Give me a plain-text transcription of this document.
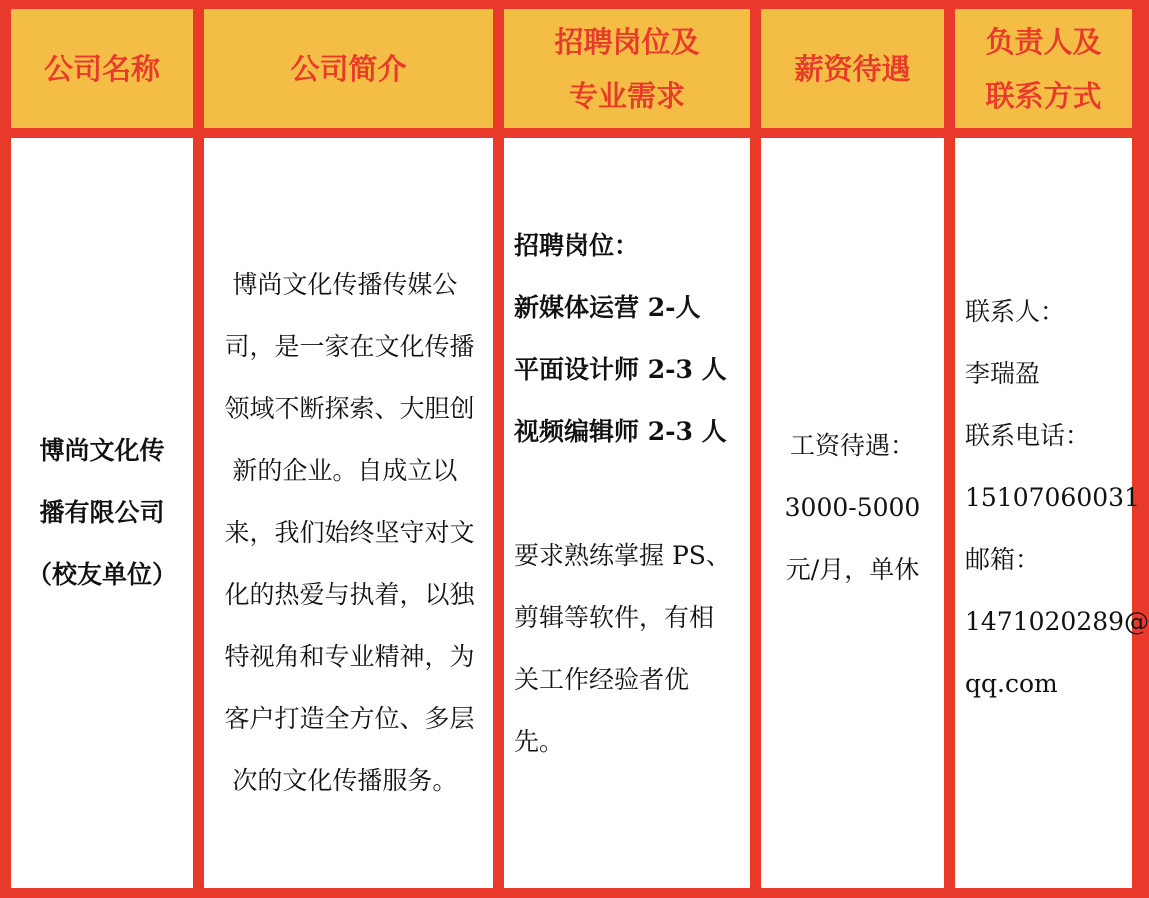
公司名称	公司简介
招聘岗位及
专业需求
薪资待遇
负责人及
联系方式
博尚文化传
播有限公司
（校友单位）
博尚文化传播传媒公
司，是一家在文化传播
领域不断探索、大胆创
新的企业。自成立以
来，我们始终坚守对文
化的热爱与执着，以独
特视角和专业精神，为
客户打造全方位、多层
次的文化传播服务。
招聘岗位：
新媒体运营 2-人
平面设计师 2-3 人
视频编辑师 2-3 人
要求熟练掌握 PS、
剪辑等软件，有相
关工作经验者优
先。
工资待遇：
3000-5000
元/月，单休
联系人：
李瑞盈
联系电话：
15107060031
邮箱：
1471020289@
qq.com
